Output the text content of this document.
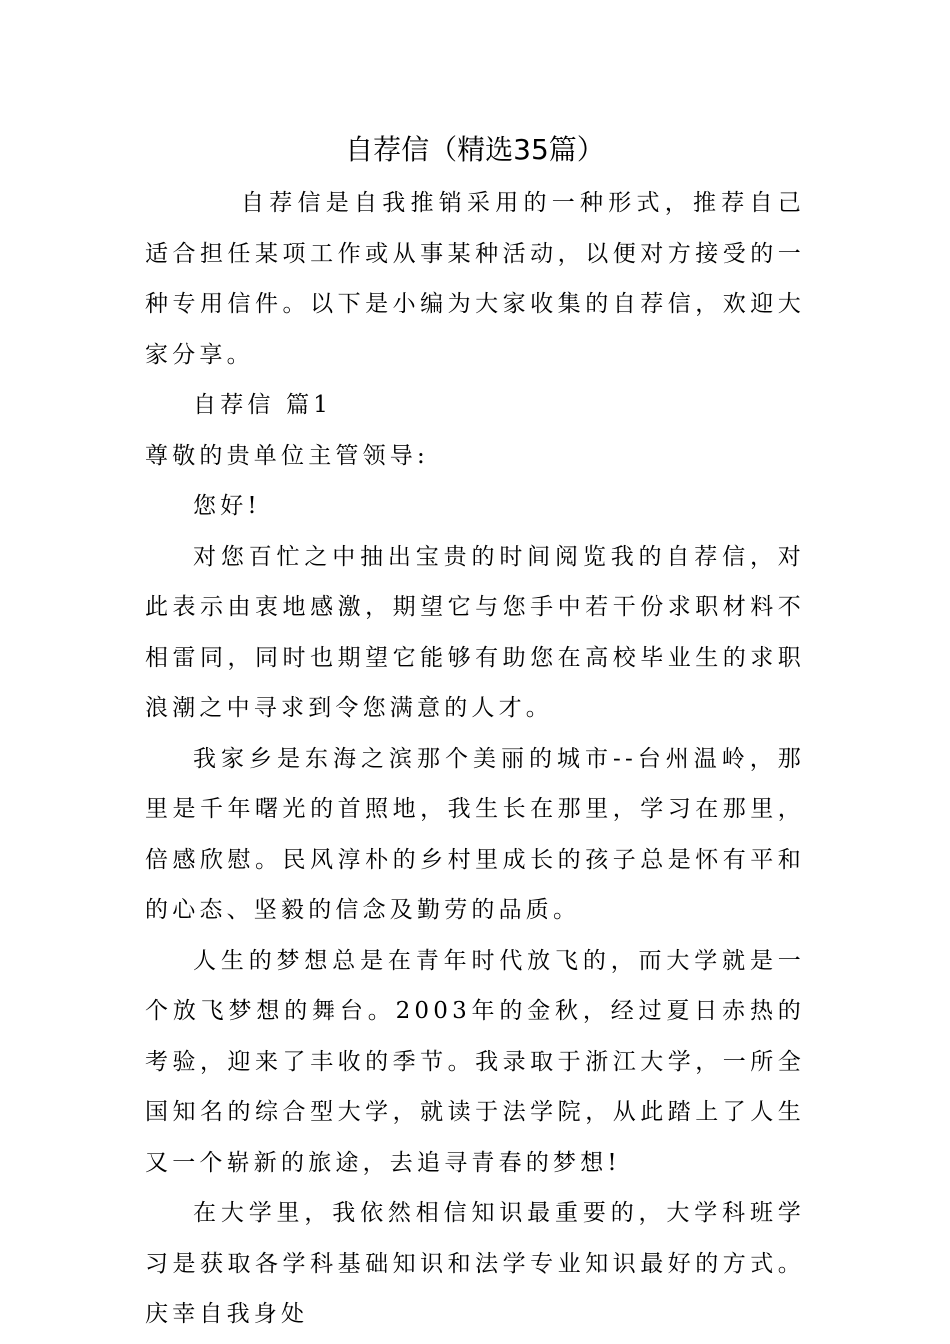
自荐信（精选35篇）

自荐信是自我推销采用的一种形式，推荐自己适合担任某项工作或从事某种活动，以便对方接受的一种专用信件。以下是小编为大家收集的自荐信，欢迎大家分享。

自荐信 篇1

尊敬的贵单位主管领导:

您好!

对您百忙之中抽出宝贵的时间阅览我的自荐信，对此表示由衷地感激，期望它与您手中若干份求职材料不相雷同，同时也期望它能够有助您在高校毕业生的求职浪潮之中寻求到令您满意的人才。

我家乡是东海之滨那个美丽的城市--台州温岭，那里是千年曙光的首照地，我生长在那里，学习在那里，倍感欣慰。民风淳朴的乡村里成长的孩子总是怀有平和的心态、坚毅的信念及勤劳的品质。

人生的梦想总是在青年时代放飞的，而大学就是一个放飞梦想的舞台。2003年的金秋，经过夏日赤热的考验，迎来了丰收的季节。我录取于浙江大学，一所全国知名的综合型大学，就读于法学院，从此踏上了人生又一个崭新的旅途，去追寻青春的梦想!

在大学里，我依然相信知识最重要的，大学科班学习是获取各学科基础知识和法学专业知识最好的方式。庆幸自我身处
